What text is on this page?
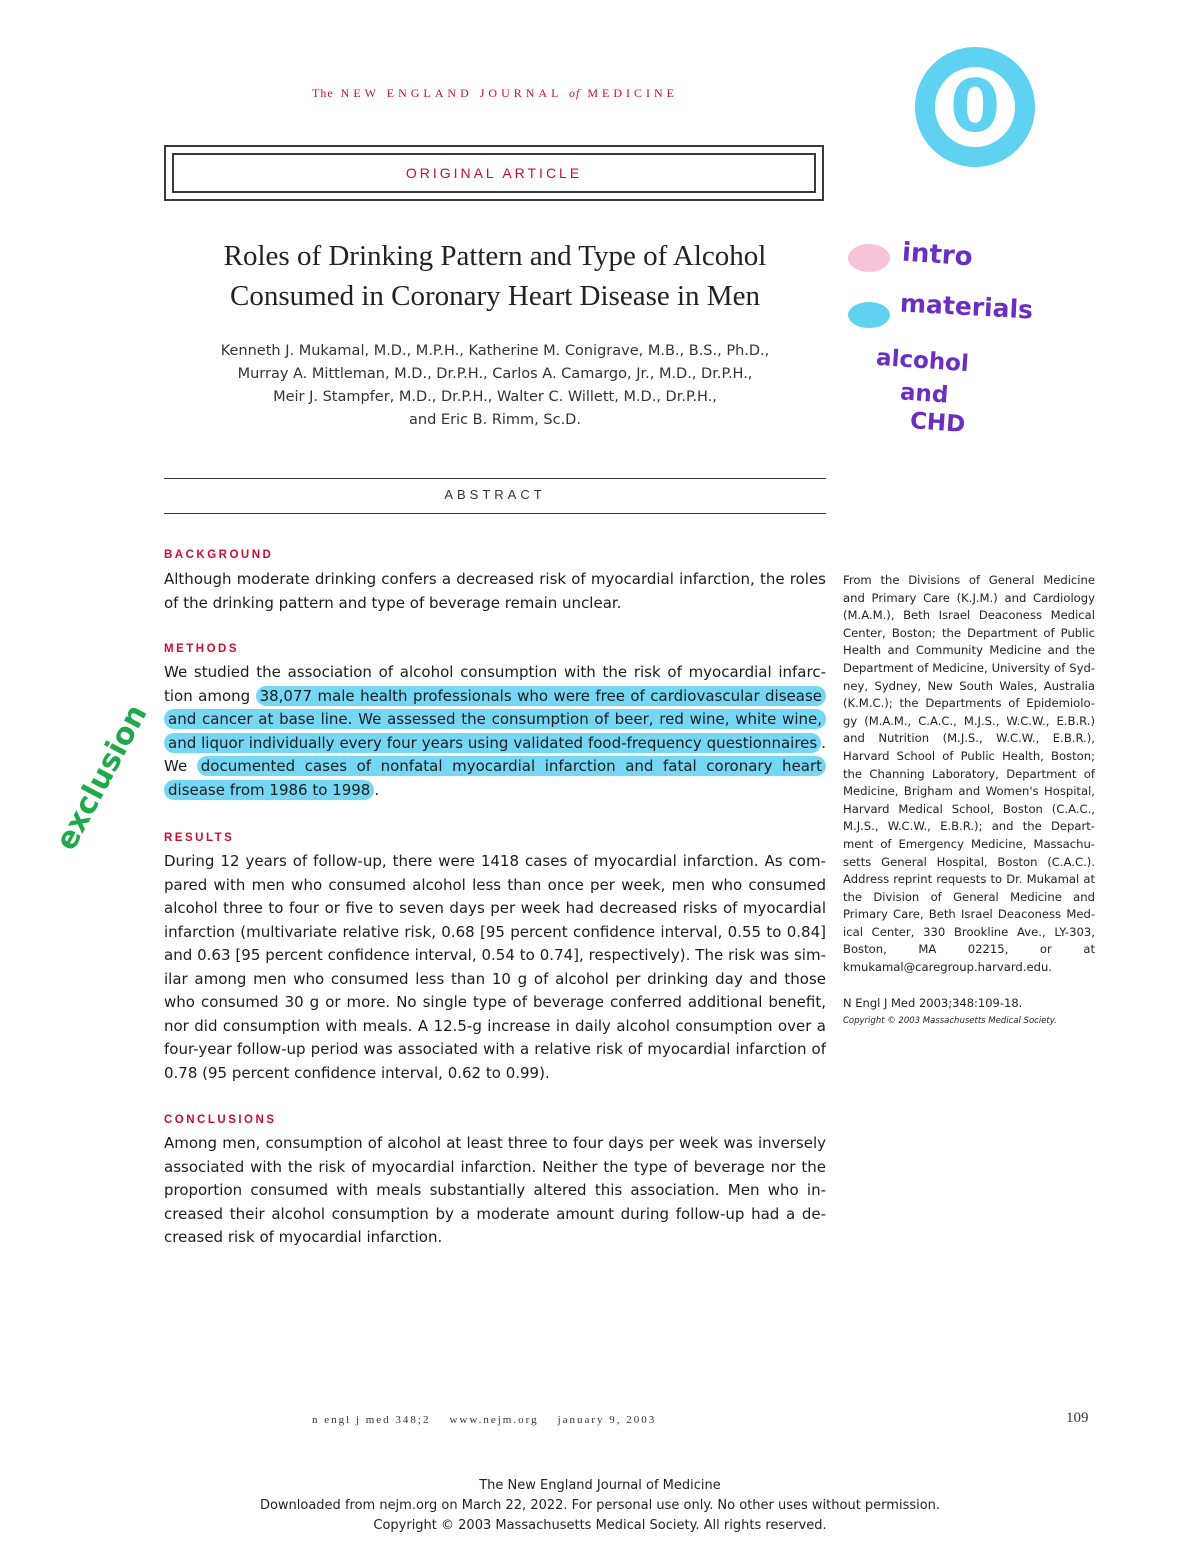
The NEW ENGLAND JOURNAL of MEDICINE
ORIGINAL ARTICLE
Roles of Drinking Pattern and Type of Alcohol
Consumed in Coronary Heart Disease in Men
Kenneth J. Mukamal, M.D., M.P.H., Katherine M. Conigrave, M.B., B.S., Ph.D.,
Murray A. Mittleman, M.D., Dr.P.H., Carlos A. Camargo, Jr., M.D., Dr.P.H.,
Meir J. Stampfer, M.D., Dr.P.H., Walter C. Willett, M.D., Dr.P.H.,
and Eric B. Rimm, Sc.D.
ABSTRACT
BACKGROUND
Although moderate drinking confers a decreased risk of myocardial infarction, the roles of the drinking pattern and type of beverage remain unclear.
METHODS
We studied the association of alcohol consumption with the risk of myocardial infarc-tion among 38,077 male health professionals who were free of cardiovascular disease and cancer at base line. We assessed the consumption of beer, red wine, white wine, and liquor individually every four years using validated food-frequency questionnaires . We documented cases of nonfatal myocardial infarction and fatal coronary heart disease from 1986 to 1998 .
RESULTS
During 12 years of follow-up, there were 1418 cases of myocardial infarction. As com-pared with men who consumed alcohol less than once per week, men who consumed alcohol three to four or five to seven days per week had decreased risks of myocardial infarction (multivariate relative risk, 0.68 [95 percent confidence interval, 0.55 to 0.84] and 0.63 [95 percent confidence interval, 0.54 to 0.74], respectively). The risk was sim-ilar among men who consumed less than 10 g of alcohol per drinking day and those who consumed 30 g or more. No single type of beverage conferred additional benefit, nor did consumption with meals. A 12.5-g increase in daily alcohol consumption over a four-year follow-up period was associated with a relative risk of myocardial infarction of 0.78 (95 percent confidence interval, 0.62 to 0.99).
CONCLUSIONS
Among men, consumption of alcohol at least three to four days per week was inversely associated with the risk of myocardial infarction. Neither the type of beverage nor the proportion consumed with meals substantially altered this association. Men who in-creased their alcohol consumption by a moderate amount during follow-up had a de-creased risk of myocardial infarction.
From the Divisions of General Medicine and Primary Care (K.J.M.) and Cardiology (M.A.M.), Beth Israel Deaconess Medical Center, Boston; the Department of Public Health and Community Medicine and the Department of Medicine, University of Syd-ney, Sydney, New South Wales, Australia (K.M.C.); the Departments of Epidemiolo-gy (M.A.M., C.A.C., M.J.S., W.C.W., E.B.R.) and Nutrition (M.J.S., W.C.W., E.B.R.), Harvard School of Public Health, Boston; the Channing Laboratory, Department of Medicine, Brigham and Women's Hospital, Harvard Medical School, Boston (C.A.C., M.J.S., W.C.W., E.B.R.); and the Depart-ment of Emergency Medicine, Massachu-setts General Hospital, Boston (C.A.C.). Address reprint requests to Dr. Mukamal at the Division of General Medicine and Primary Care, Beth Israel Deaconess Med-ical Center, 330 Brookline Ave., LY-303, Boston, MA 02215, or at kmukamal@caregroup.harvard.edu.
N Engl J Med 2003;348:109-18.
Copyright © 2003 Massachusetts Medical Society.
n engl j med 348;2    www.nejm.org    january 9, 2003	109
The New England Journal of Medicine
Downloaded from nejm.org on March 22, 2022. For personal use only. No other uses without permission.
Copyright © 2003 Massachusetts Medical Society. All rights reserved.
0
intro
materials
alcohol
and
CHD
exclusion
